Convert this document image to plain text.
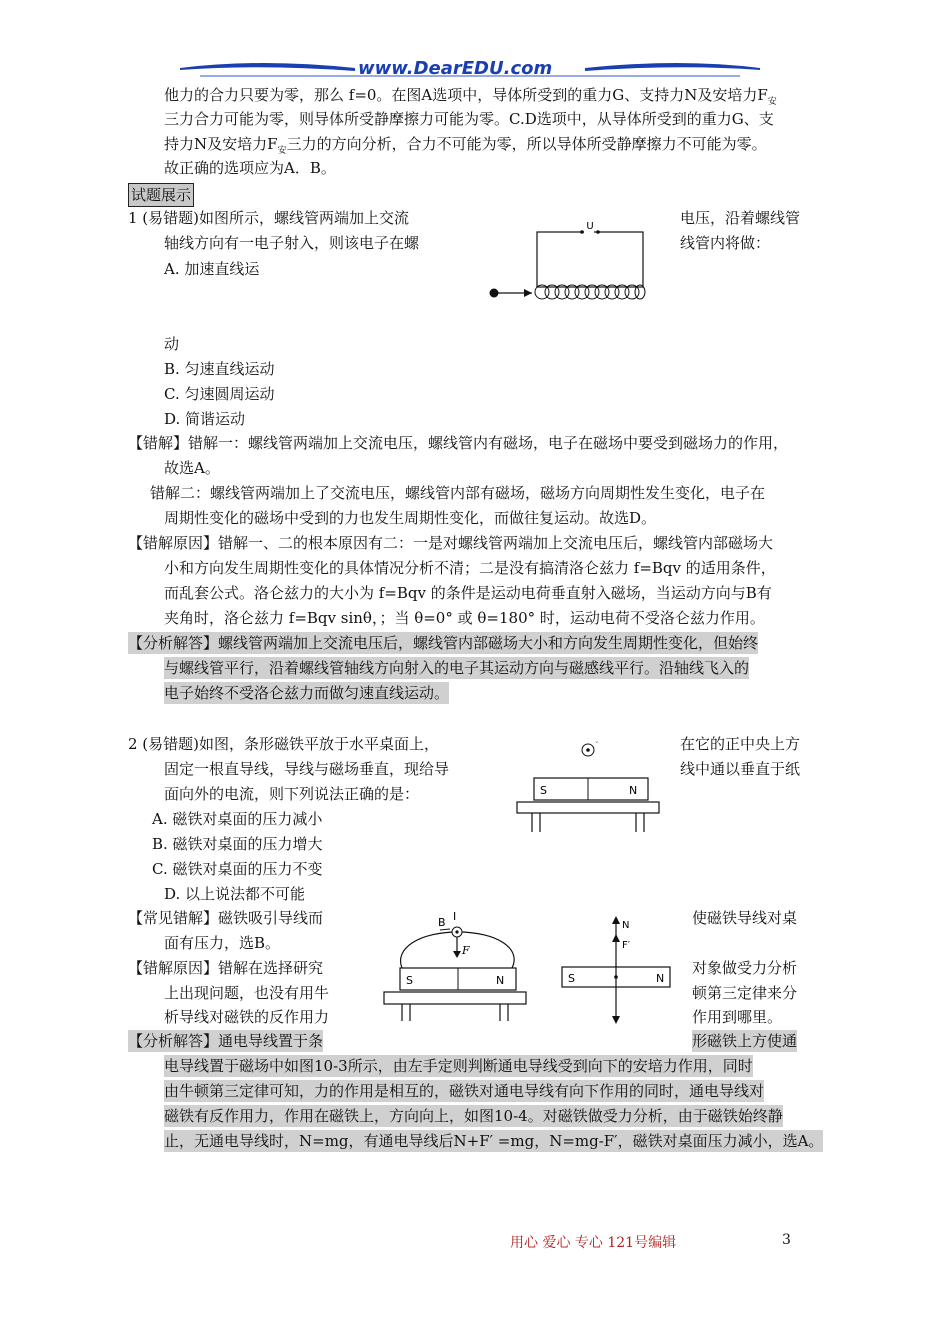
www.DearEDU.com
他力的合力只要为零，那么 f=0。在图A选项中，导体所受到的重力G、支持力N及安培力$F_安$
三力合力可能为零，则导体所受静摩擦力可能为零。C.D选项中，从导体所受到的重力G、支
持力N及安培力$F_安$三力的方向分析，合力不可能为零，所以导体所受静摩擦力不可能为零。
故正确的选项应为A．B。
试题展示
1 (易错题)如图所示，螺线管两端加上交流	电压，沿着螺线管
轴线方向有一电子射入，则该电子在螺	线管内将做：
A. 加速直线运
U
动
B. 匀速直线运动
C. 匀速圆周运动
D. 简谐运动
【错解】错解一：螺线管两端加上交流电压，螺线管内有磁场，电子在磁场中要受到磁场力的作用，
故选A。
错解二：螺线管两端加上了交流电压，螺线管内部有磁场，磁场方向周期性发生变化，电子在
周期性变化的磁场中受到的力也发生周期性变化，而做往复运动。故选D。
【错解原因】错解一、二的根本原因有二：一是对螺线管两端加上交流电压后，螺线管内部磁场大
小和方向发生周期性变化的具体情况分析不清；二是没有搞清洛仑兹力 f=Bqv 的适用条件，
而乱套公式。洛仑兹力的大小为 f=Bqv 的条件是运动电荷垂直射入磁场，当运动方向与B有
夹角时，洛仑兹力 f=Bqv sinθ，；当 θ=0° 或 θ=180° 时，运动电荷不受洛仑兹力作用。
【分析解答】螺线管两端加上交流电压后，螺线管内部磁场大小和方向发生周期性变化，但始终
与螺线管平行，沿着螺线管轴线方向射入的电子其运动方向与磁感线平行。沿轴线飞入的
电子始终不受洛仑兹力而做匀速直线运动。
2 (易错题)如图，条形磁铁平放于水平桌面上，	在它的正中央上方
固定一根直导线，导线与磁场垂直，现给导	线中通以垂直于纸
面向外的电流，则下列说法正确的是：
A. 磁铁对桌面的压力减小
B. 磁铁对桌面的压力增大
C. 磁铁对桌面的压力不变
D. 以上说法都不可能
′
S	N
【常见错解】磁铁吸引导线而	使磁铁导线对桌
面有压力，选B。
【错解原因】错解在选择研究	对象做受力分析
上出现问题，也没有用牛	顿第三定律来分
析导线对磁铁的反作用力	作用到哪里。
【分析解答】通电导线置于条	形磁铁上方使通
B I
F
S	N
N
F′
S	N
电导线置于磁场中如图10-3所示，由左手定则判断通电导线受到向下的安培力作用，同时
由牛顿第三定律可知，力的作用是相互的，磁铁对通电导线有向下作用的同时，通电导线对
磁铁有反作用力，作用在磁铁上，方向向上，如图10-4。对磁铁做受力分析，由于磁铁始终静
止，无通电导线时，N=mg，有通电导线后N+F′ =mg，N=mg-F′，磁铁对桌面压力减小，选A。
用心 爱心 专心 121号编辑	3
